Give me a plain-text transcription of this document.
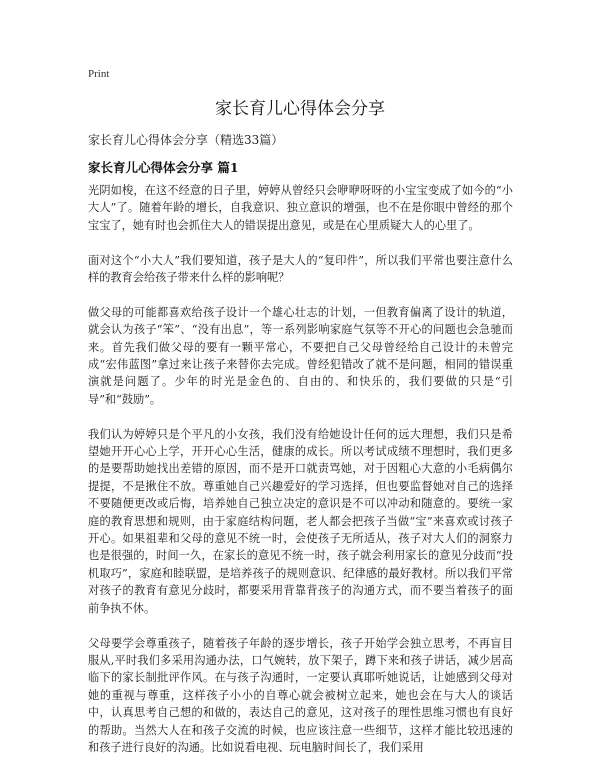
Print
家长育儿心得体会分享
家长育儿心得体会分享（精选33篇）
家长育儿心得体会分享 篇1

光阴如梭，在这不经意的日子里，婷婷从曾经只会咿咿呀呀的小宝宝变成了如今的“小大人”了。随着年龄的增长，自我意识、独立意识的增强，也不在是你眼中曾经的那个宝宝了，她有时也会抓住大人的错误提出意见，或是在心里质疑大人的心里了。

面对这个“小大人”我们要知道，孩子是大人的“复印件”，所以我们平常也要注意什么样的教育会给孩子带来什么样的影响呢？

做父母的可能都喜欢给孩子设计一个雄心壮志的计划，一但教育偏离了设计的轨道，就会认为孩子“笨”、“没有出息”，等一系列影响家庭气氛等不开心的问题也会急驰而来。首先我们做父母的要有一颗平常心，不要把自己父母曾经给自己设计的未曾完成“宏伟蓝图”拿过来让孩子来替你去完成。曾经犯错改了就不是问题，相同的错误重演就是问题了。少年的时光是金色的、自由的、和快乐的，我们要做的只是“引导”和“鼓励”。

我们认为婷婷只是个平凡的小女孩，我们没有给她设计任何的远大理想，我们只是希望她开开心心上学，开开心心生活，健康的成长。所以考试成绩不理想时，我们更多的是要帮助她找出差错的原因，而不是开口就责骂她，对于因粗心大意的小毛病偶尔提提，不是揪住不放。尊重她自己兴趣爱好的学习选择，但也要监督她对自己的选择不要随便更改或后悔，培养她自己独立决定的意识是不可以冲动和随意的。要统一家庭的教育思想和规则，由于家庭结构问题，老人都会把孩子当做“宝”来喜欢或讨孩子开心。如果祖辈和父母的意见不统一时，会使孩子无所适从，孩子对大人们的洞察力也是很强的，时间一久，在家长的意见不统一时，孩子就会利用家长的意见分歧而“投机取巧”，家庭和睦联盟，是培养孩子的规则意识、纪律感的最好教材。所以我们平常对孩子的教育有意见分歧时，都要采用背靠背孩子的沟通方式，而不要当着孩子的面前争执不休。

父母要学会尊重孩子，随着孩子年龄的逐步增长，孩子开始学会独立思考，不再盲目服从,平时我们多采用沟通办法，口气婉转，放下架子，蹲下来和孩子讲话，减少居高临下的家长制批评作风。在与孩子沟通时，一定要认真耶听她说话，让她感到父母对她的重视与尊重，这样孩子小小的自尊心就会被树立起来，她也会在与大人的谈话中，认真思考自己想的和做的，表达自己的意见，这对孩子的理性思维习惯也有良好的帮助。当然大人在和孩子交流的时候，也应该注意一些细节，这样才能比较迅速的和孩子进行良好的沟通。比如说看电视、玩电脑时间长了，我们采用
